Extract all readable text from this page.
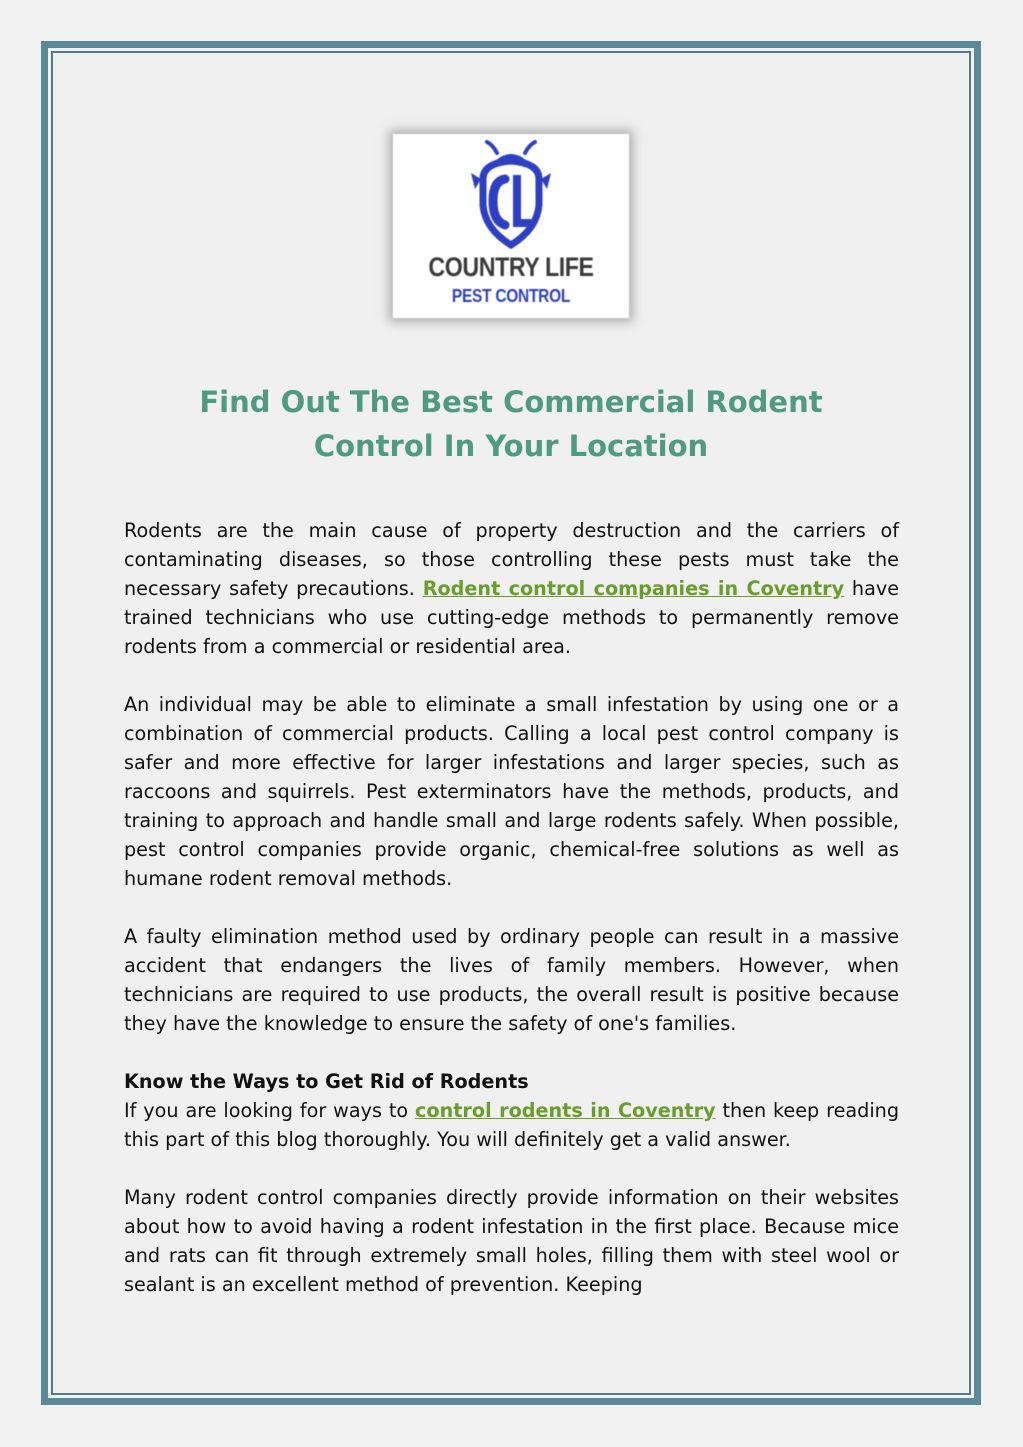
COUNTRY LIFE
PEST CONTROL
Find Out The Best Commercial Rodent
Control In Your Location

Rodents are the main cause of property destruction and the carriers of contaminating diseases, so those controlling these pests must take the necessary safety precautions. Rodent control companies in Coventry have trained technicians who use cutting-edge methods to permanently remove rodents from a commercial or residential area.

An individual may be able to eliminate a small infestation by using one or a combination of commercial products. Calling a local pest control company is safer and more effective for larger infestations and larger species, such as raccoons and squirrels. Pest exterminators have the methods, products, and training to approach and handle small and large rodents safely. When possible, pest control companies provide organic, chemical-free solutions as well as humane rodent removal methods.

A faulty elimination method used by ordinary people can result in a massive accident that endangers the lives of family members. However, when technicians are required to use products, the overall result is positive because they have the knowledge to ensure the safety of one's families.

Know the Ways to Get Rid of Rodents

If you are looking for ways to control rodents in Coventry then keep reading this part of this blog thoroughly. You will definitely get a valid answer.

Many rodent control companies directly provide information on their websites about how to avoid having a rodent infestation in the first place. Because mice and rats can fit through extremely small holes, filling them with steel wool or sealant is an excellent method of prevention. Keeping
